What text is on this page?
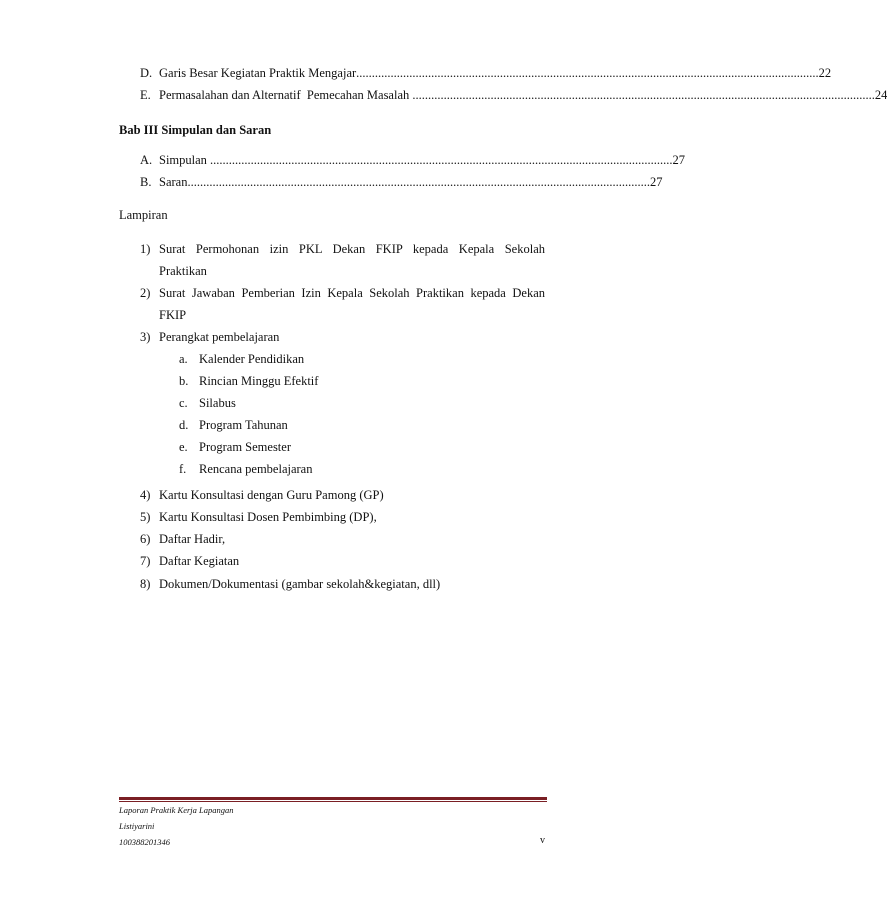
D. Garis Besar Kegiatan Praktik Mengajar .................................................................................................................................................... 22
E. Permasalahan dan Alternatif  Pemecahan Masalah .................................................................................................................................................... 24
Bab III Simpulan dan Saran
A. Simpulan .................................................................................................................................................... 27
B. Saran .................................................................................................................................................... 27
Lampiran
1) Surat Permohonan izin PKL Dekan FKIP kepada Kepala Sekolah
Praktikan
2) Surat Jawaban Pemberian Izin Kepala Sekolah Praktikan kepada Dekan
FKIP
3) Perangkat pembelajaran
a. Kalender Pendidikan
b. Rincian Minggu Efektif
c. Silabus
d. Program Tahunan
e. Program Semester
f. Rencana pembelajaran
4) Kartu Konsultasi dengan Guru Pamong (GP)
5) Kartu Konsultasi Dosen Pembimbing (DP),
6) Daftar Hadir,
7) Daftar Kegiatan
8) Dokumen/Dokumentasi (gambar sekolah&kegiatan, dll)
Laporan Praktik Kerja Lapangan
Listiyarini
100388201346	v
